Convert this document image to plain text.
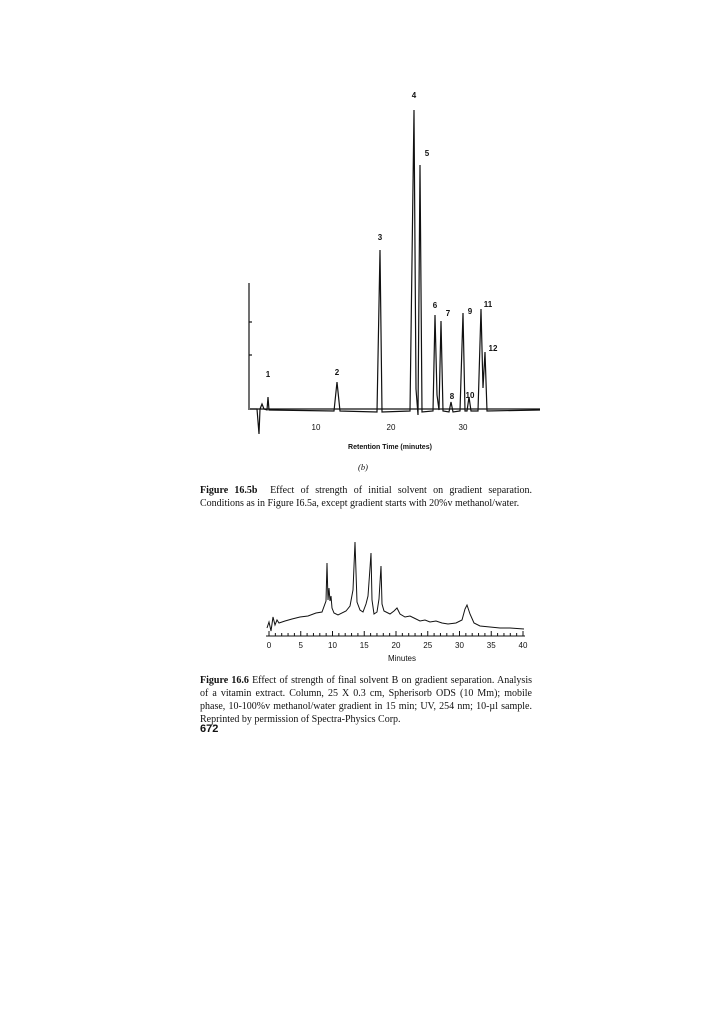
1	2
3
4
5
6
7
8
9
10
11
12
10	20	30
Retention Time (minutes)
0	5	10	15	20	25	30	35	40
Minutes
(b)
Figure 16.5b Effect of strength of initial solvent on gradient separation. Conditions as in Figure I6.5a, except gradient starts with 20%v methanol/water.
Figure 16.6 Effect of strength of final solvent B on gradient separation. Analysis of a vitamin extract. Column, 25 X 0.3 cm, Spherisorb ODS (10 Mm); mobile phase, 10-100%v methanol/water gradient in 15 min; UV, 254 nm; 10-µl sample. Reprinted by permission of Spectra-Physics Corp.
672
